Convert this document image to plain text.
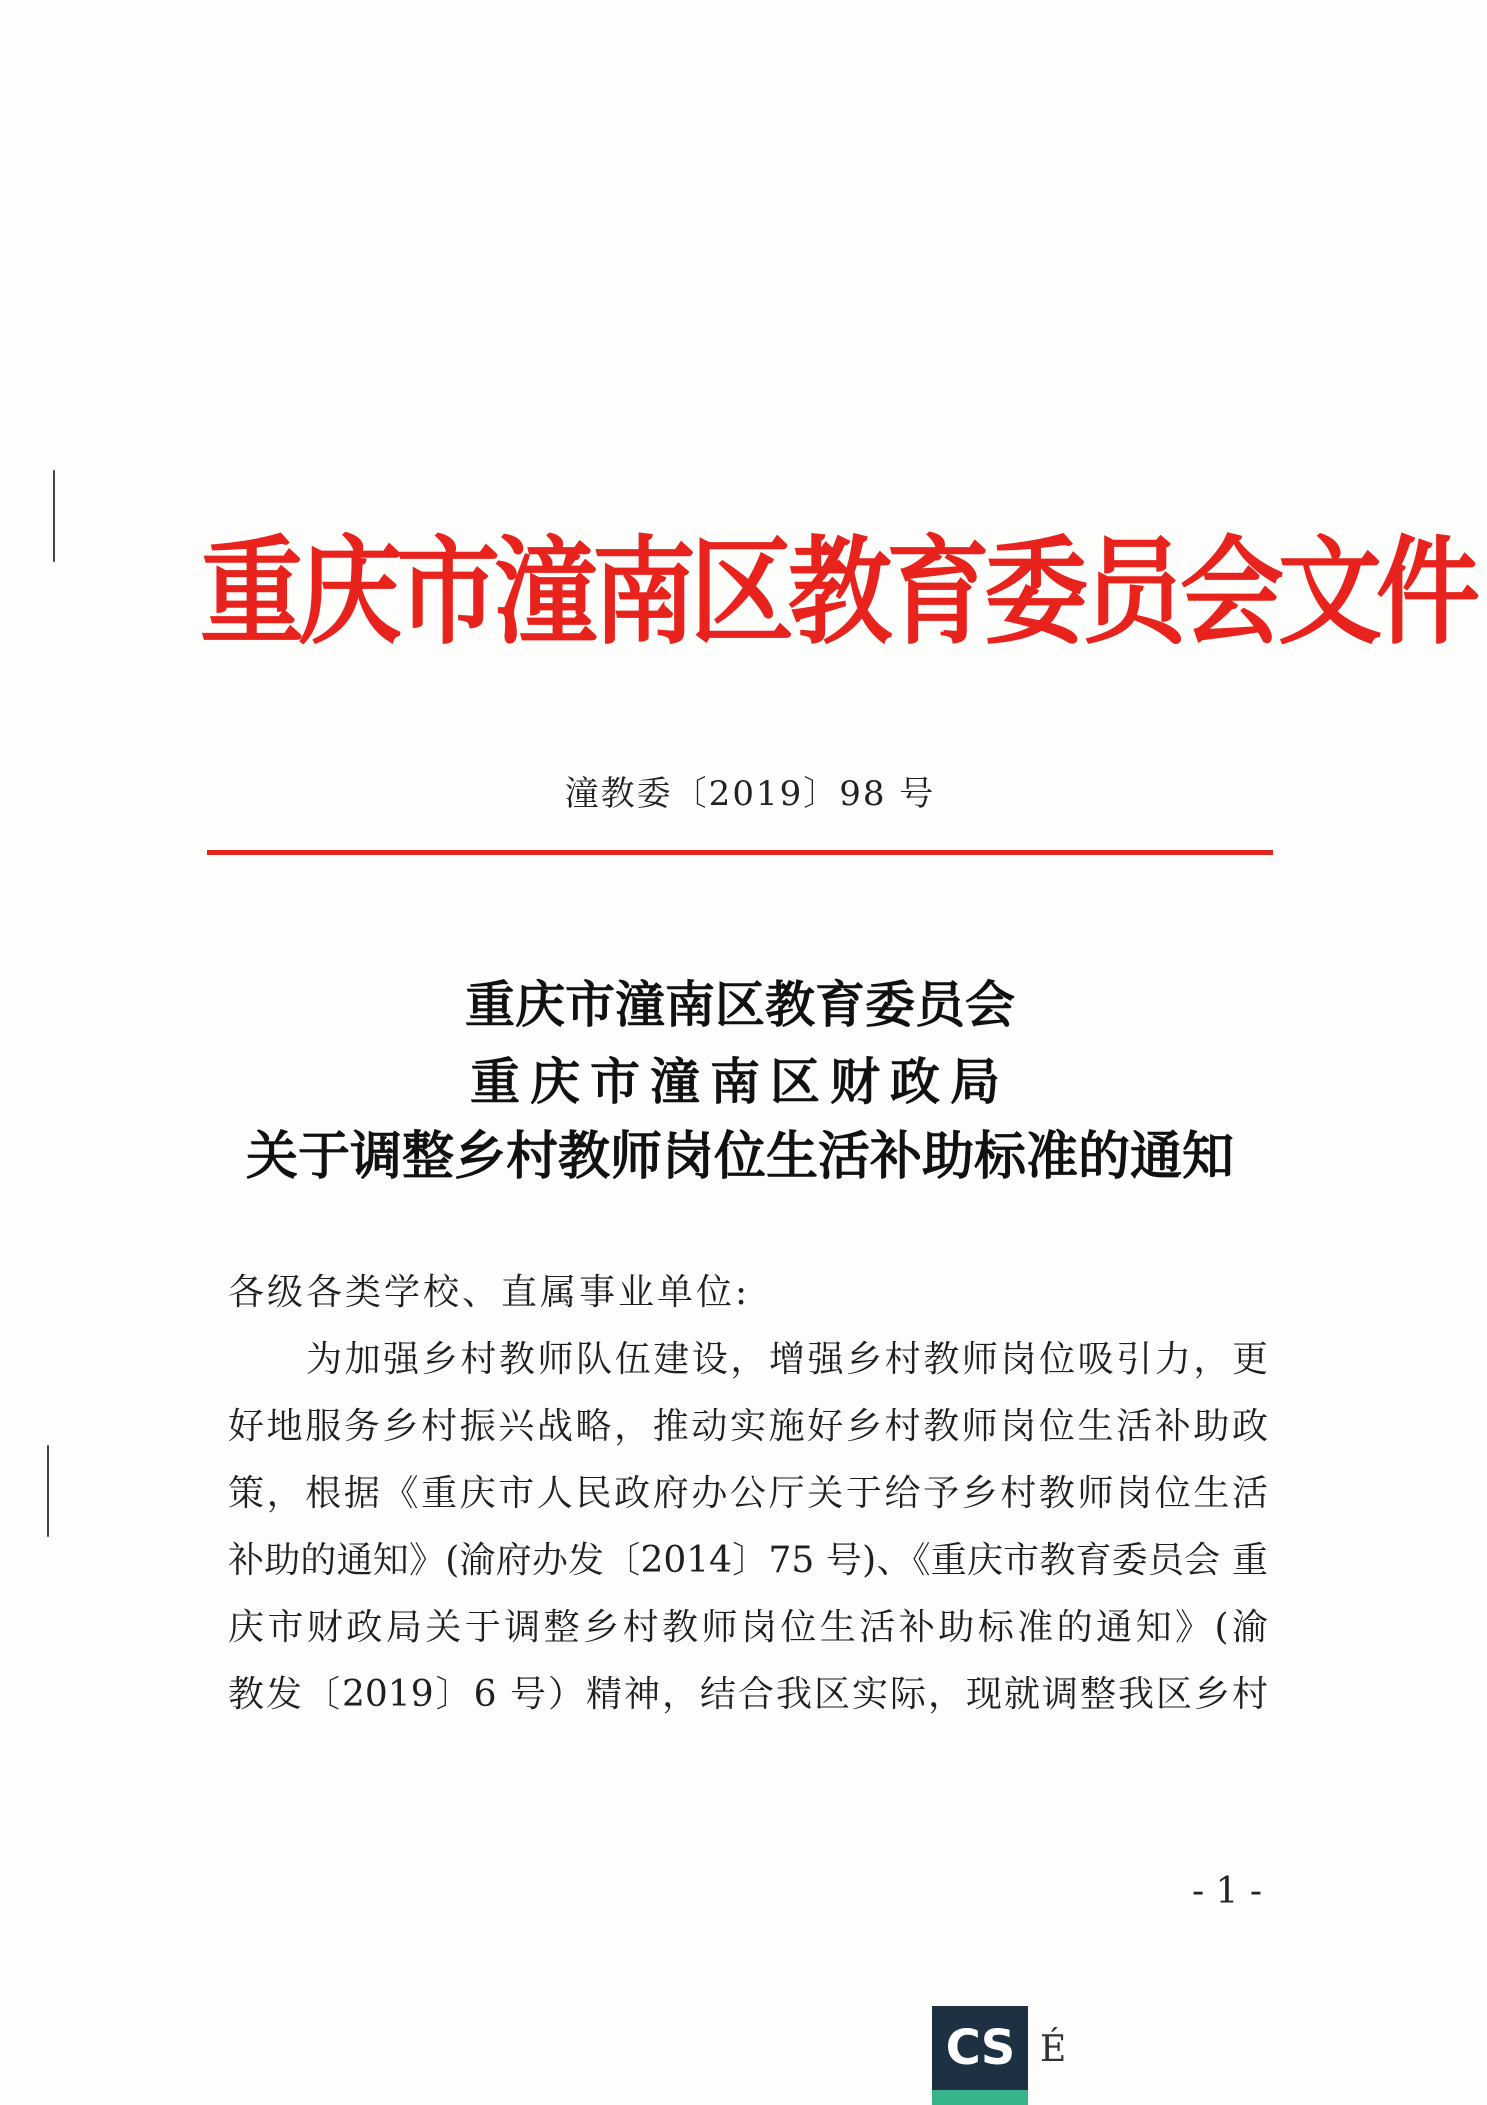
重庆市潼南区教育委员会文件
潼教委〔2019〕98 号
重庆市潼南区教育委员会
重庆市潼南区财政局
关于调整乡村教师岗位生活补助标准的通知
各级各类学校、直属事业单位:
为加强乡村教师队伍建设，增强乡村教师岗位吸引力，更
好地服务乡村振兴战略，推动实施好乡村教师岗位生活补助政
策，根据《重庆市人民政府办公厅关于给予乡村教师岗位生活
补助的通知》(渝府办发〔2014〕75 号)、《重庆市教育委员会 重
庆市财政局关于调整乡村教师岗位生活补助标准的通知》(渝
教发〔2019〕6 号）精神，结合我区实际，现就调整我区乡村
- 1 -
CS É
